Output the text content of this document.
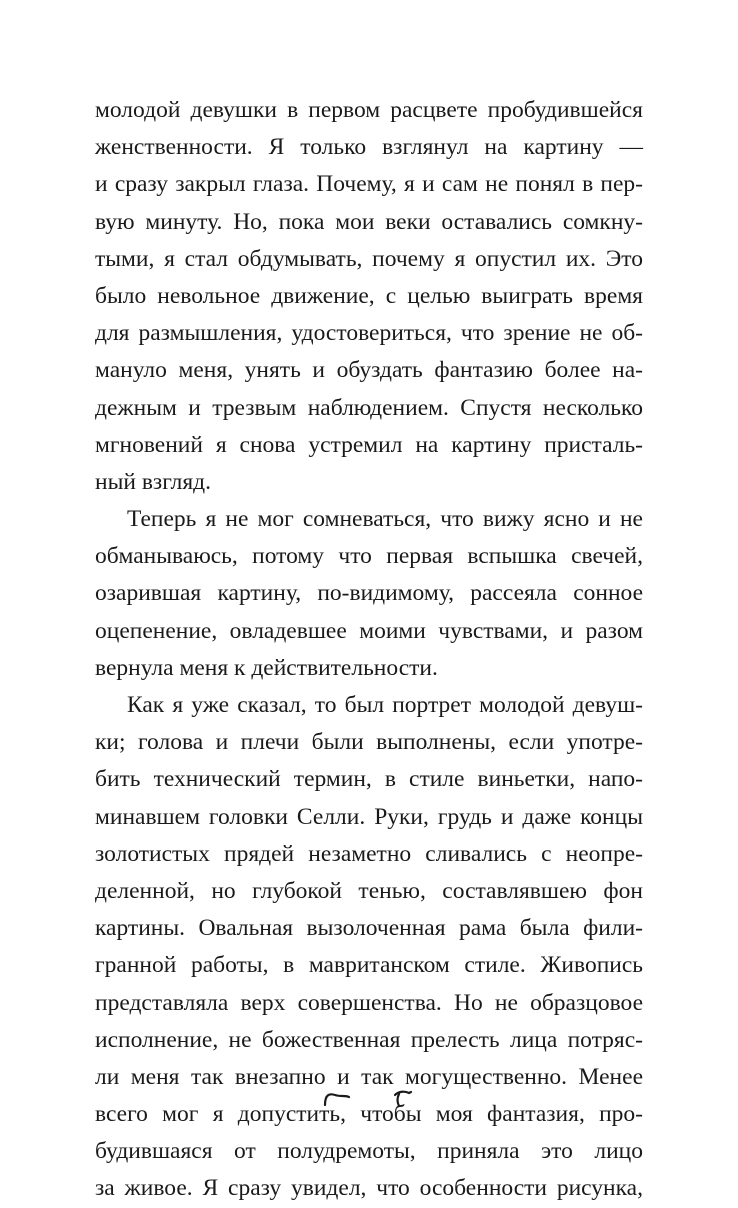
молодой девушки в первом расцвете пробудившейся
женственности. Я только взглянул на картину —
и сразу закрыл глаза. Почему, я и сам не понял в пер-
вую минуту. Но, пока мои веки оставались сомкну-
тыми, я стал обдумывать, почему я опустил их. Это
было невольное движение, с целью выиграть время
для размышления, удостовериться, что зрение не об-
мануло меня, унять и обуздать фантазию более на-
дежным и трезвым наблюдением. Спустя несколько
мгновений я снова устремил на картину присталь-
ный взгляд.
Теперь я не мог сомневаться, что вижу ясно и не
обманываюсь, потому что первая вспышка свечей,
озарившая картину, по-видимому, рассеяла сонное
оцепенение, овладевшее моими чувствами, и разом
вернула меня к действительности.
Как я уже сказал, то был портрет молодой девуш-
ки; голова и плечи были выполнены, если употре-
бить технический термин, в стиле виньетки, напо-
минавшем головки Селли. Руки, грудь и даже концы
золотистых прядей незаметно сливались с неопре-
деленной, но глубокой тенью, составлявшею фон
картины. Овальная вызолоченная рама была фили-
гранной работы, в мавританском стиле. Живопись
представляла верх совершенства. Но не образцовое
исполнение, не божественная прелесть лица потряс-
ли меня так внезапно и так могущественно. Менее
всего мог я допустить, чтобы моя фантазия, про-
будившаяся от полудремоты, приняла это лицо
за живое. Я сразу увидел, что особенности рисунка,
